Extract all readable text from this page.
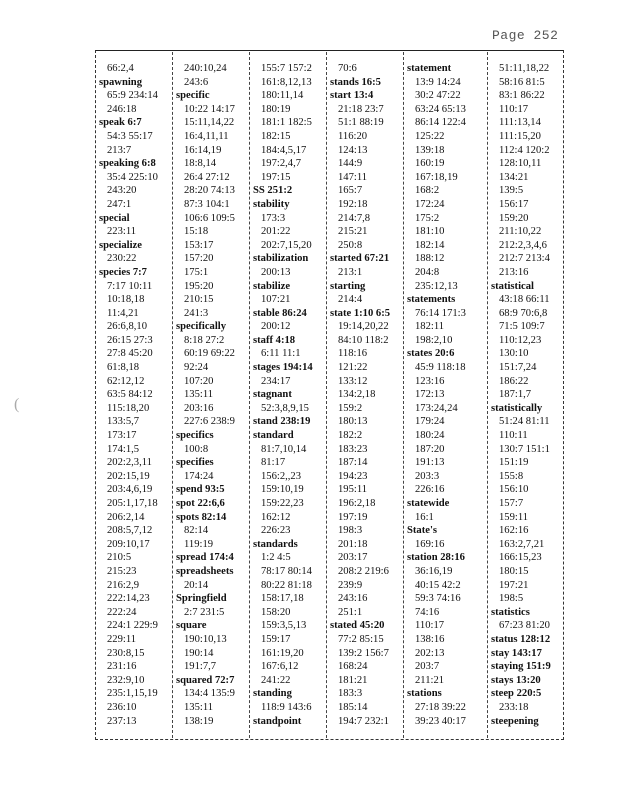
Page 252
(
66:2,4
spawning
65:9 234:14
246:18
speak 6:7
54:3 55:17
213:7
speaking 6:8
35:4 225:10
243:20
247:1
special
223:11
specialize
230:22
species 7:7
7:17 10:11
10:18,18
11:4,21
26:6,8,10
26:15 27:3
27:8 45:20
61:8,18
62:12,12
63:5 84:12
115:18,20
133:5,7
173:17
174:1,5
202:2,3,11
202:15,19
203:4,6,19
205:1,17,18
206:2,14
208:5,7,12
209:10,17
210:5
215:23
216:2,9
222:14,23
222:24
224:1 229:9
229:11
230:8,15
231:16
232:9,10
235:1,15,19
236:10
237:13
240:10,24
243:6
specific
10:22 14:17
15:11,14,22
16:4,11,11
16:14,19
18:8,14
26:4 27:12
28:20 74:13
87:3 104:1
106:6 109:5
15:18
153:17
157:20
175:1
195:20
210:15
241:3
specifically
8:18 27:2
60:19 69:22
92:24
107:20
135:11
203:16
227:6 238:9
specifics
100:8
specifies
174:24
spend 93:5
spot 22:6,6
spots 82:14
82:14
119:19
spread 174:4
spreadsheets
20:14
Springfield
2:7 231:5
square
190:10,13
190:14
191:7,7
squared 72:7
134:4 135:9
135:11
138:19
155:7 157:2
161:8,12,13
180:11,14
180:19
181:1 182:5
182:15
184:4,5,17
197:2,4,7
197:15
SS 251:2
stability
173:3
201:22
202:7,15,20
stabilization
200:13
stabilize
107:21
stable 86:24
200:12
staff 4:18
6:11 11:1
stages 194:14
234:17
stagnant
52:3,8,9,15
stand 238:19
standard
81:7,10,14
81:17
156:2,,23
159:10,19
159:22,23
162:12
226:23
standards
1:2 4:5
78:17 80:14
80:22 81:18
158:17,18
158:20
159:3,5,13
159:17
161:19,20
167:6,12
241:22
standing
118:9 143:6
standpoint
70:6
stands 16:5
start 13:4
21:18 23:7
51:1 88:19
116:20
124:13
144:9
147:11
165:7
192:18
214:7,8
215:21
250:8
started 67:21
213:1
starting
214:4
state 1:10 6:5
19:14,20,22
84:10 118:2
118:16
121:22
133:12
134:2,18
159:2
180:13
182:2
183:23
187:14
194:23
195:11
196:2,18
197:19
198:3
201:18
203:17
208:2 219:6
239:9
243:16
251:1
stated 45:20
77:2 85:15
139:2 156:7
168:24
181:21
183:3
185:14
194:7 232:1
statement
13:9 14:24
30:2 47:22
63:24 65:13
86:14 122:4
125:22
139:18
160:19
167:18,19
168:2
172:24
175:2
181:10
182:14
188:12
204:8
235:12,13
statements
76:14 171:3
182:11
198:2,10
states 20:6
45:9 118:18
123:16
172:13
173:24,24
179:24
180:24
187:20
191:13
203:3
226:16
statewide
16:1
State's
169:16
station 28:16
36:16,19
40:15 42:2
59:3 74:16
74:16
110:17
138:16
202:13
203:7
211:21
stations
27:18 39:22
39:23 40:17
51:11,18,22
58:16 81:5
83:1 86:22
110:17
111:13,14
111:15,20
112:4 120:2
128:10,11
134:21
139:5
156:17
159:20
211:10,22
212:2,3,4,6
212:7 213:4
213:16
statistical
43:18 66:11
68:9 70:6,8
71:5 109:7
110:12,23
130:10
151:7,24
186:22
187:1,7
statistically
51:24 81:11
110:11
130:7 151:1
151:19
155:8
156:10
157:7
159:11
162:16
163:2,7,21
166:15,23
180:15
197:21
198:5
statistics
67:23 81:20
status 128:12
stay 143:17
staying 151:9
stays 13:20
steep 220:5
233:18
steepening
